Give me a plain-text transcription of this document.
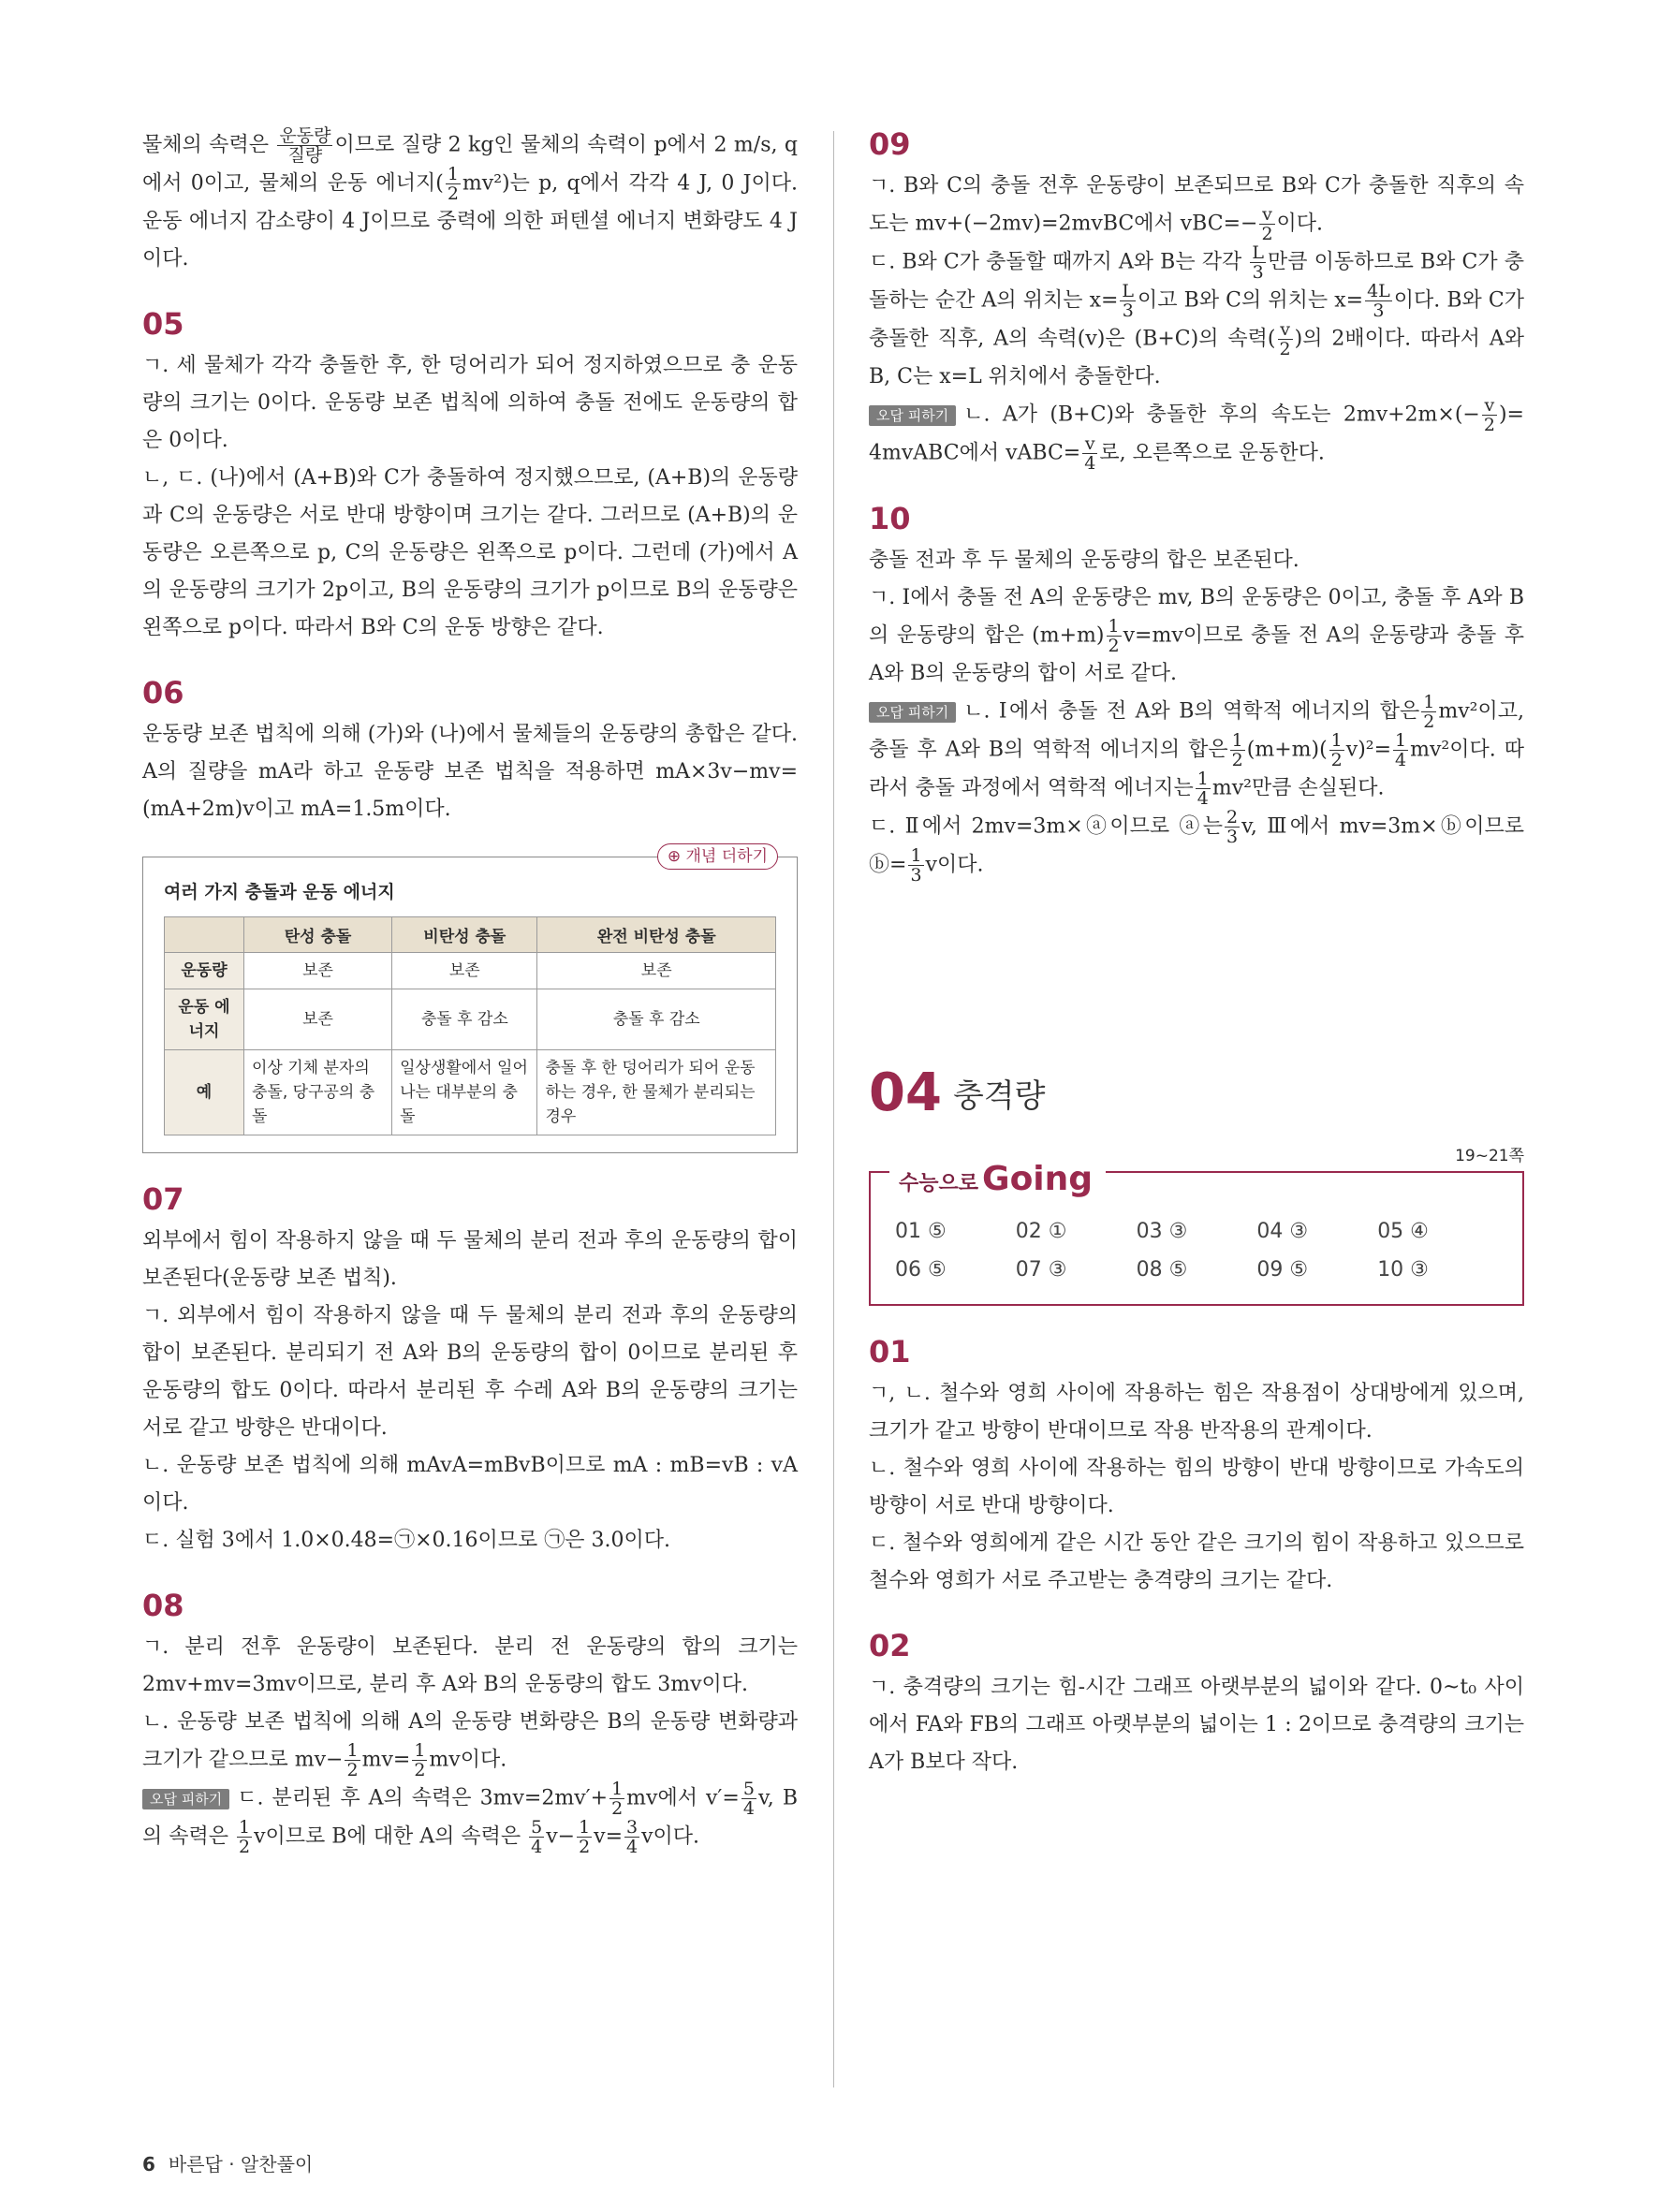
물체의 속력은 $\frac{\text{운동량}}{\text{질량}}$ 이므로 질량 2 kg인 물체의 속력이 p에서 2 m/s, q에서 0이고, 물체의 운동 에너지( $\frac{1}{2} mv^2$)는 p, q에서 각각 4 J, 0 J이다. 운동 에너지 감소량이 4 J이므로 중력에 의한 퍼텐셜 에너지 변화량도 4 J이다.

05

ㄱ. 세 물체가 각각 충돌한 후, 한 덩어리가 되어 정지하였으므로 충 운동량의 크기는 0이다. 운동량 보존 법칙에 의하여 충돌 전에도 운동량의 합은 0이다.

ㄴ, ㄷ. (나)에서 (A+B)와 C가 충돌하여 정지했으므로, (A+B)의 운동량과 C의 운동량은 서로 반대 방향이며 크기는 같다. 그러므로 (A+B)의 운동량은 오른쪽으로 p, C의 운동량은 왼쪽으로 p이다. 그런데 (가)에서 A의 운동량의 크기가 2p이고, B의 운동량의 크기가 p이므로 B의 운동량은 왼쪽으로 p이다. 따라서 B와 C의 운동 방향은 같다.

06

운동량 보존 법칙에 의해 (가)와 (나)에서 물체들의 운동량의 총합은 같다. A의 질량을 mA라 하고 운동량 보존 법칙을 적용하면 mA×3v−mv=(mA+2m)v이고 mA=1.5m이다.

⊕ 개념 더하기
여러 가지 충돌과 운동 에너지
	탄성 충돌	비탄성 충돌	완전 비탄성 충돌
운동량	보존	보존	보존
운동 에너지	보존	충돌 후 감소	충돌 후 감소
예	이상 기체 분자의 충돌, 당구공의 충돌	일상생활에서 일어나는 대부분의 충돌	충돌 후 한 덩어리가 되어 운동하는 경우, 한 물체가 분리되는 경우
07

외부에서 힘이 작용하지 않을 때 두 물체의 분리 전과 후의 운동량의 합이 보존된다(운동량 보존 법칙).

ㄱ. 외부에서 힘이 작용하지 않을 때 두 물체의 분리 전과 후의 운동량의 합이 보존된다. 분리되기 전 A와 B의 운동량의 합이 0이므로 분리된 후 운동량의 합도 0이다. 따라서 분리된 후 수레 A와 B의 운동량의 크기는 서로 같고 방향은 반대이다.

ㄴ. 운동량 보존 법칙에 의해 mAvA=mBvB이므로 mA : mB=vB : vA이다.

ㄷ. 실험 3에서 1.0×0.48=㉠×0.16이므로 ㉠은 3.0이다.

08

ㄱ. 분리 전후 운동량이 보존된다. 분리 전 운동량의 합의 크기는 2mv+mv=3mv이므로, 분리 후 A와 B의 운동량의 합도 3mv이다.

ㄴ. 운동량 보존 법칙에 의해 A의 운동량 변화량은 B의 운동량 변화량과 크기가 같으므로 $mv- \frac{1}{2} mv= \frac{1}{2}$ mv이다.

오답 피하기 ㄷ. 분리된 후 A의 속력은 $3mv=2mv'+ \frac{1}{2}$ mv에서 $v'= \frac{5}{4} v$, B의 속력은 $\frac{1}{2}$ v이므로 B에 대한 A의 속력은 $\frac{5}{4} v- \frac{1}{2} v= \frac{3}{4}$ v이다.

09

ㄱ. B와 C의 충돌 전후 운동량이 보존되므로 B와 C가 충돌한 직후의 속도는 mv+(−2mv)=2mvBC에서 $vBC=- \frac{v}{2}$ 이다.

ㄷ. B와 C가 충돌할 때까지 A와 B는 각각 $\frac{L}{3}$ 만큼 이동하므로 B와 C가 충돌하는 순간 A의 위치는 $x= \frac{L}{3}$ 이고 B와 C의 위치는 $x= \frac{4L}{3}$ 이다. B와 C가 충돌한 직후, A의 속력(v)은 (B+C)의 속력( $\frac{v}{2}$ )의 2배이다. 따라서 A와 B, C는 x=L 위치에서 충돌한다.

오답 피하기 ㄴ. A가 (B+C)와 충돌한 후의 속도는 $2mv+2m\times(- \frac{v}{2}$ )= 4mvABC에서 vABC= $\frac{v}{4}$ 로, 오른쪽으로 운동한다.

10

충돌 전과 후 두 물체의 운동량의 합은 보존된다.

ㄱ. Ⅰ에서 충돌 전 A의 운동량은 mv, B의 운동량은 0이고, 충돌 후 A와 B의 운동량의 합은 $(m+m) \frac{1}{2} v=mv$이므로 충돌 전 A의 운동량과 충돌 후 A와 B의 운동량의 합이 서로 같다.

오답 피하기 ㄴ. Ⅰ에서 충돌 전 A와 B의 역학적 에너지의 합은 $\frac{1}{2} mv^2$이고, 충돌 후 A와 B의 역학적 에너지의 합은 $\frac{1}{2} (m+m)( \frac{1}{2} v)^2= \frac{1}{4} mv^2$이다. 따라서 충돌 과정에서 역학적 에너지는 $\frac{1}{4} mv^2$만큼 손실된다.

ㄷ. Ⅱ에서 2mv=3m×ⓐ이므로 ⓐ는 $\frac{2}{3} v$, Ⅲ에서 mv=3m×ⓑ이므로 ⓑ= $\frac{1}{3}$ v이다.

04 충격량
19~21쪽
수능으로 Going
01 ⑤	02 ①	03 ③	04 ③	05 ④
06 ⑤	07 ③	08 ⑤	09 ⑤	10 ③
01

ㄱ, ㄴ. 철수와 영희 사이에 작용하는 힘은 작용점이 상대방에게 있으며, 크기가 같고 방향이 반대이므로 작용 반작용의 관계이다.

ㄴ. 철수와 영희 사이에 작용하는 힘의 방향이 반대 방향이므로 가속도의 방향이 서로 반대 방향이다.

ㄷ. 철수와 영희에게 같은 시간 동안 같은 크기의 힘이 작용하고 있으므로 철수와 영희가 서로 주고받는 충격량의 크기는 같다.

02

ㄱ. 충격량의 크기는 힘-시간 그래프 아랫부분의 넓이와 같다. 0~t₀ 사이에서 FA와 FB의 그래프 아랫부분의 넓이는 1 : 2이므로 충격량의 크기는 A가 B보다 작다.

6 바른답 · 알찬풀이
